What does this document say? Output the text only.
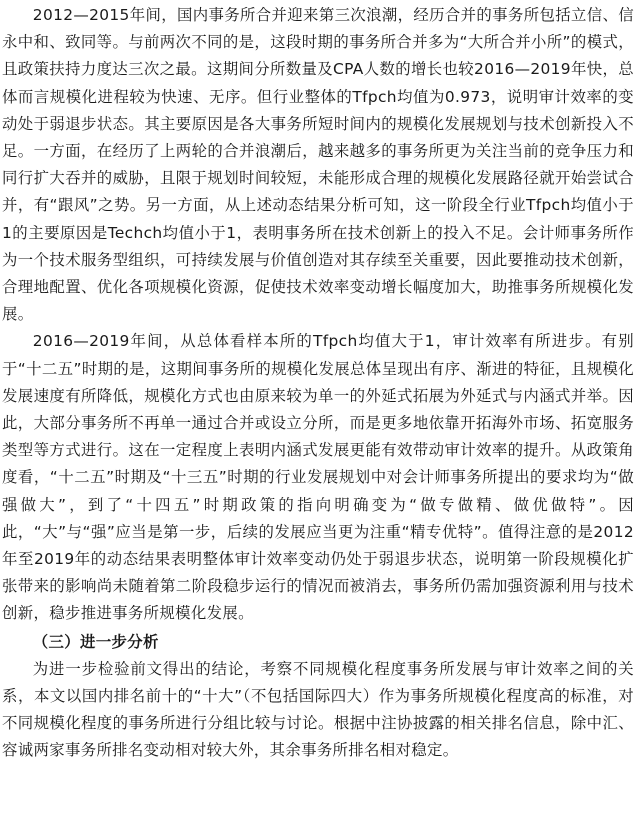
2012—2015年间，国内事务所合并迎来第三次浪潮，经历合并的事务所包括立信、信永中和、致同等。与前两次不同的是，这段时期的事务所合并多为“大所合并小所”的模式，且政策扶持力度达三次之最。这期间分所数量及CPA人数的增长也较2016—2019年快，总体而言规模化进程较为快速、无序。但行业整体的Tfpch均值为0.973，说明审计效率的变动处于弱退步状态。其主要原因是各大事务所短时间内的规模化发展规划与技术创新投入不足。一方面，在经历了上两轮的合并浪潮后，越来越多的事务所更为关注当前的竞争压力和同行扩大吞并的威胁，且限于规划时间较短，未能形成合理的规模化发展路径就开始尝试合并，有“跟风”之势。另一方面，从上述动态结果分析可知，这一阶段全行业Tfpch均值小于1的主要原因是Techch均值小于1，表明事务所在技术创新上的投入不足。会计师事务所作为一个技术服务型组织，可持续发展与价值创造对其存续至关重要，因此要推动技术创新，合理地配置、优化各项规模化资源，促使技术效率变动增长幅度加大，助推事务所规模化发展。

2016—2019年间，从总体看样本所的Tfpch均值大于1，审计效率有所进步。有别于“十二五”时期的是，这期间事务所的规模化发展总体呈现出有序、渐进的特征，且规模化发展速度有所降低，规模化方式也由原来较为单一的外延式拓展为外延式与内涵式并举。因此，大部分事务所不再单一通过合并或设立分所，而是更多地依靠开拓海外市场、拓宽服务类型等方式进行。这在一定程度上表明内涵式发展更能有效带动审计效率的提升。从政策角度看，“十二五”时期及“十三五”时期的行业发展规划中对会计师事务所提出的要求均为“做强做大”，到了“十四五”时期政策的指向明确变为“做专做精、做优做特”。因此，“大”与“强”应当是第一步，后续的发展应当更为注重“精专优特”。值得注意的是2012年至2019年的动态结果表明整体审计效率变动仍处于弱退步状态，说明第一阶段规模化扩张带来的影响尚未随着第二阶段稳步运行的情况而被消去，事务所仍需加强资源利用与技术创新，稳步推进事务所规模化发展。

（三）进一步分析

为进一步检验前文得出的结论，考察不同规模化程度事务所发展与审计效率之间的关系，本文以国内排名前十的“十大”（不包括国际四大）作为事务所规模化程度高的标准，对不同规模化程度的事务所进行分组比较与讨论。根据中注协披露的相关排名信息，除中汇、容诚两家事务所排名变动相对较大外，其余事务所排名相对稳定。
